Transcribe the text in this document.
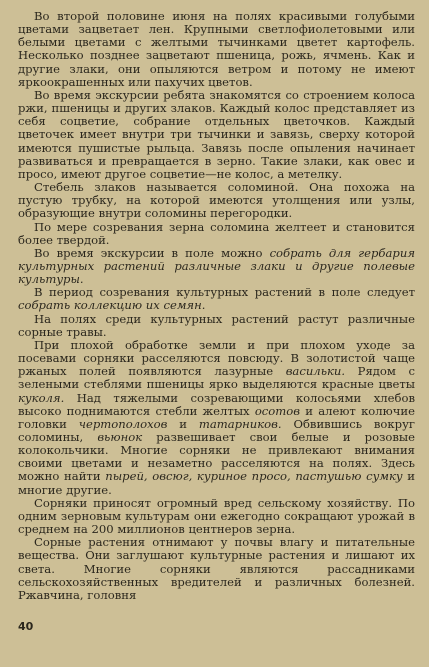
Во второй половине июня на полях красивыми голубыми цветами зацветает лен. Крупными светлофиолетовыми или белыми цветами с желтыми тычинками цветет картофель. Несколько позднее зацветают пшеница, рожь, ячмень. Как и другие злаки, они опыляются ветром и потому не имеют яркоокрашенных или пахучих цветов.

Во время экскурсии ребята знакомятся со строением колоса ржи, пшеницы и других злаков. Каждый колос представляет из себя соцветие, собрание отдельных цветочков. Каждый цветочек имеет внутри три тычинки и завязь, сверху которой имеются пушистые рыльца. Завязь после опыления начинает развиваться и превращается в зерно. Такие злаки, как овес и просо, имеют другое соцветие—не колос, а метелку.

Стебель злаков называется соломиной. Она похожа на пустую трубку, на которой имеются утолщения или узлы, образующие внутри соломины перегородки.

По мере созревания зерна соломина желтеет и становится более твердой.

Во время экскурсии в поле можно собрать для гербария культурных растений различные злаки и другие полевые культуры.

В период созревания культурных растений в поле следует собрать коллекцию их семян.

На полях среди культурных растений растут различные сорные травы.

При плохой обработке земли и при плохом уходе за посевами сорняки расселяются повсюду. В золотистой чаще ржаных полей появляются лазурные васильки. Рядом с зелеными стеблями пшеницы ярко выделяются красные цветы куколя. Над тяжелыми созревающими колосьями хлебов высоко поднимаются стебли желтых осотов и алеют колючие головки чертополохов и татарников. Обвившись вокруг соломины, вьюнок развешивает свои белые и розовые колокольчики. Многие сорняки не привлекают внимания своими цветами и незаметно расселяются на полях. Здесь можно найти пырей, овсюг, куриное просо, пастушью сумку и многие другие.

Сорняки приносят огромный вред сельскому хозяйству. По одним зерновым культурам они ежегодно сокращают урожай в среднем на 200 миллионов центнеров зерна.

Сорные растения отнимают у почвы влагу и питательные вещества. Они заглушают культурные растения и лишают их света. Многие сорняки являются рассадниками сельскохозяйственных вредителей и различных болезней. Ржавчина, головня

40
